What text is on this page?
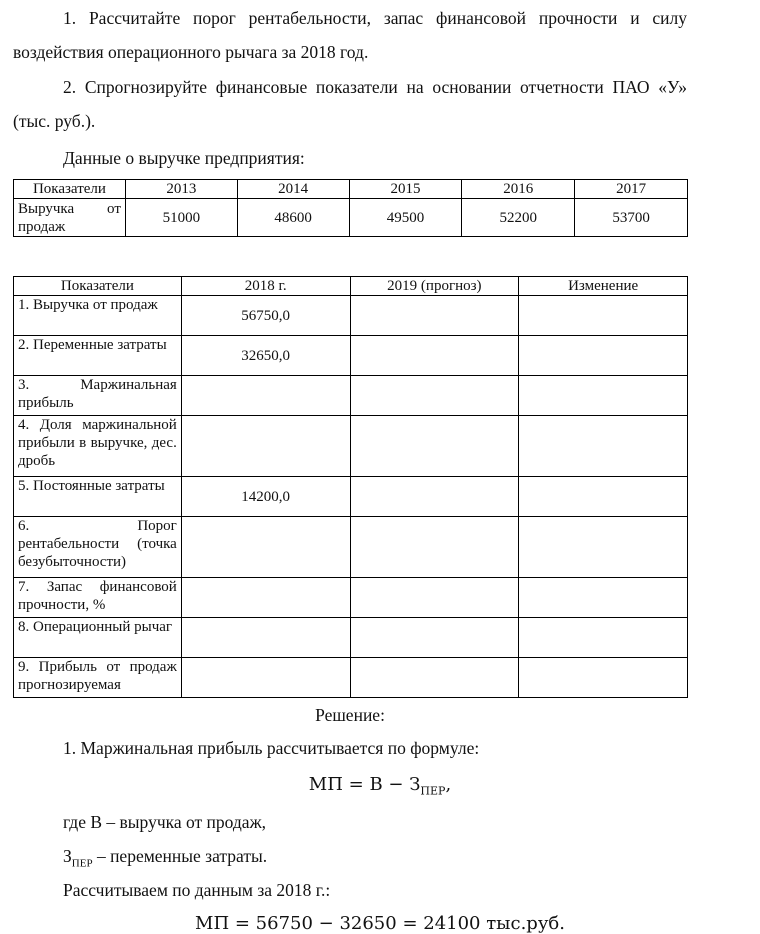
1. Рассчитайте порог рентабельности, запас финансовой прочности и силу воздействия операционного рычага за 2018 год.
2. Спрогнозируйте финансовые показатели на основании отчетности ПАО «У» (тыс. руб.).
Данные о выручке предприятия:
Показатели	2013	2014	2015	2016	2017
Выручка от продаж	51000	48600	49500	52200	53700
Показатели	2018 г.	2019 (прогноз)	Изменение
1. Выручка от продаж	56750,0		
2. Переменные затраты	32650,0		
3. Маржинальная прибыль			
4. Доля маржинальной прибыли в выручке, дес. дробь			
5. Постоянные затраты	14200,0		
6. Порог рентабельности (точка безубыточности)			
7. Запас финансовой прочности, %			
8. Операционный рычаг			
9. Прибыль от продаж прогнозируемая			
Решение:
1. Маржинальная прибыль рассчитывается по формуле:
МП = $В - З_{ПЕР}$,
где В – выручка от продаж,
$З_{ПЕР}$ – переменные затраты.
Рассчитываем по данным за 2018 г.:
МП = 56750 − 32650 = 24100 тыс.руб.
